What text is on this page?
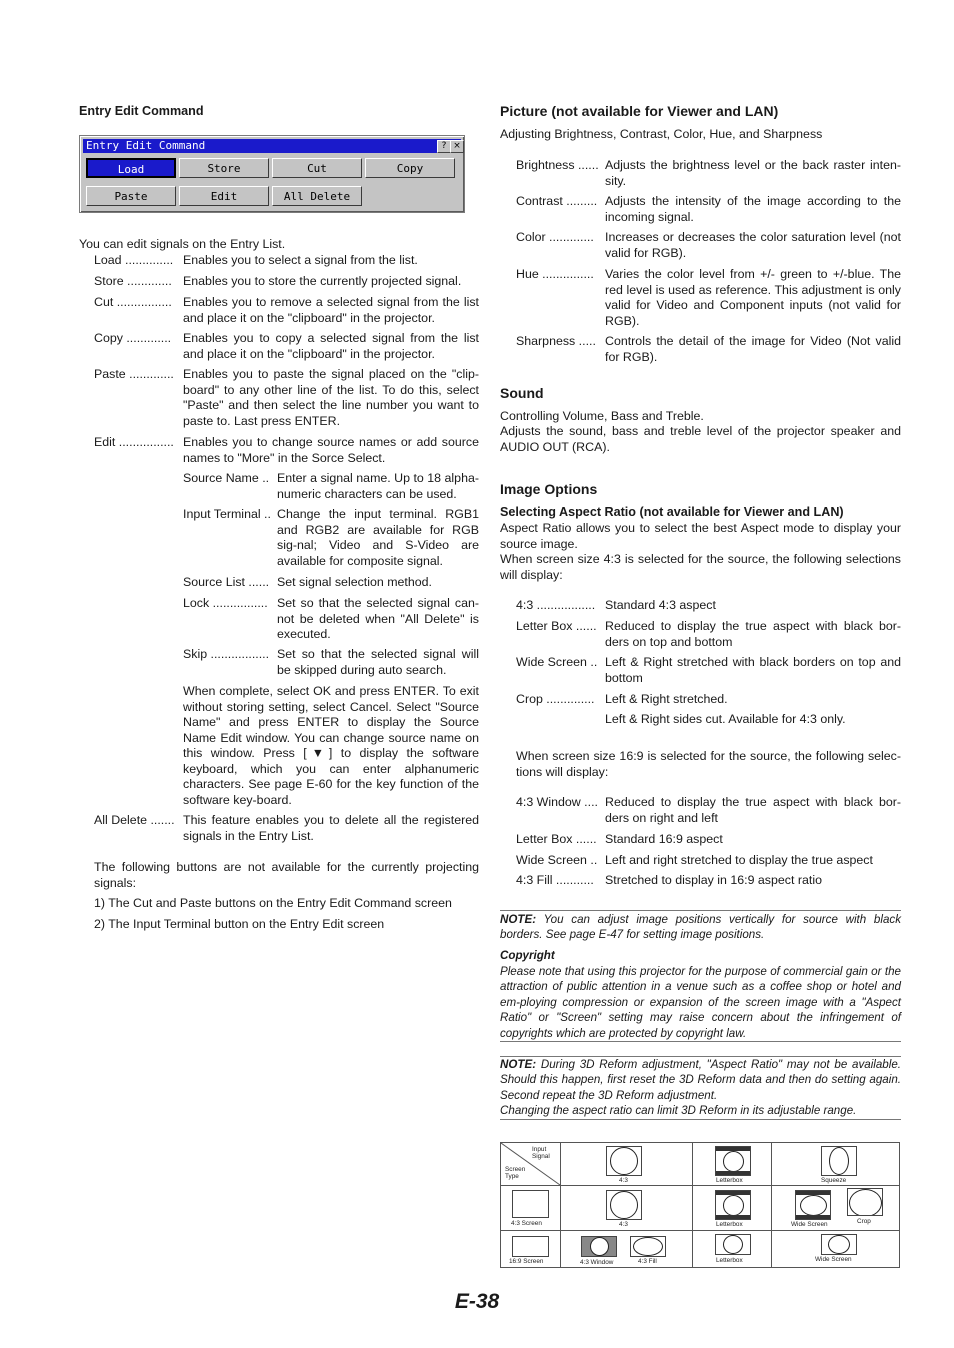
Entry Edit Command
Entry Edit Command	? ×
Load	Store	Cut	Copy
Paste	Edit	All Delete
You can edit signals on the Entry List.
Load .............. Enables you to select a signal from the list.
Store ............. Enables you to store the currently projected signal.
Cut ................ Enables you to remove a selected signal from the list and place it on the "clipboard" in the projector.
Copy ............. Enables you to copy a selected signal from the list and place it on the "clipboard" in the projector.
Paste ............. Enables you to paste the signal placed on the "clip-board" to any other line of the list. To do this, select "Paste" and then select the line number you want to paste to. Last press ENTER.
Edit ................ Enables you to change source names or add source names to "More" in the Sorce Select.
Source Name .. Enter a signal name. Up to 18 alpha-numeric characters can be used.
Input Terminal .. Change the input terminal. RGB1 and RGB2 are available for RGB sig-nal; Video and S-Video are available for composite signal.
Source List ...... Set signal selection method.
Lock ................ Set so that the selected signal can-not be deleted when "All Delete" is executed.
Skip ................. Set so that the selected signal will be skipped during auto search.
When complete, select OK and press ENTER. To exit without storing setting, select Cancel. Select "Source Name" and press ENTER to display the Source Name Edit window. You can change source name on this window. Press [▼] to display the software keyboard, which you can enter alphanumeric characters. See page E-60 for the key function of the software key-board.
All Delete ....... This feature enables you to delete all the registered signals in the Entry List.
The following buttons are not available for the currently projecting signals:
1) The Cut and Paste buttons on the Entry Edit Command screen
2) The Input Terminal button on the Entry Edit screen
Picture (not available for Viewer and LAN)
Adjusting Brightness, Contrast, Color, Hue, and Sharpness
Brightness ...... Adjusts the brightness level or the back raster inten-sity.
Contrast ......... Adjusts the intensity of the image according to the incoming signal.
Color ............. Increases or decreases the color saturation level (not valid for RGB).
Hue ............... Varies the color level from +/- green to +/-blue. The red level is used as reference. This adjustment is only valid for Video and Component inputs (not valid for RGB).
Sharpness ..... Controls the detail of the image for Video (Not valid for RGB).
Sound
Controlling Volume, Bass and Treble.
Adjusts the sound, bass and treble level of the projector speaker and AUDIO OUT (RCA).
Image Options
Selecting Aspect Ratio (not available for Viewer and LAN)
Aspect Ratio allows you to select the best Aspect mode to display your source image.
When screen size 4:3 is selected for the source, the following selections will display:
4:3 ................. Standard 4:3 aspect
Letter Box ...... Reduced to display the true aspect with black bor-ders on top and bottom
Wide Screen .. Left & Right stretched with black borders on top and bottom
Crop .............. Left & Right stretched.
Left & Right sides cut. Available for 4:3 only.
When screen size 16:9 is selected for the source, the following selec-tions will display:
4:3 Window .... Reduced to display the true aspect with black bor-ders on right and left
Letter Box ...... Standard 16:9 aspect
Wide Screen .. Left and right stretched to display the true aspect
4:3 Fill ........... Stretched to display in 16:9 aspect ratio
NOTE: You can adjust image positions vertically for source with black borders. See page E-47 for setting image positions.
Copyright
Please note that using this projector for the purpose of commercial gain or the attraction of public attention in a venue such as a coffee shop or hotel and em-ploying compression or expansion of the screen image with a "Aspect Ratio" or "Screen" setting may raise concern about the infringement of copyrights which are protected by copyright law.
NOTE: During 3D Reform adjustment, "Aspect Ratio" may not be available. Should this happen, first reset the 3D Reform data and then do setting again. Second repeat the 3D Reform adjustment.
Changing the aspect ratio can limit 3D Reform in its adjustable range.
Input Signal
Screen Type
4:3	Letterbox	Squeeze
4:3 Screen	4:3	Letterbox	Wide Screen	Crop
16:9 Screen	4:3 Window	4:3 Fill	Letterbox	Wide Screen
E-38
